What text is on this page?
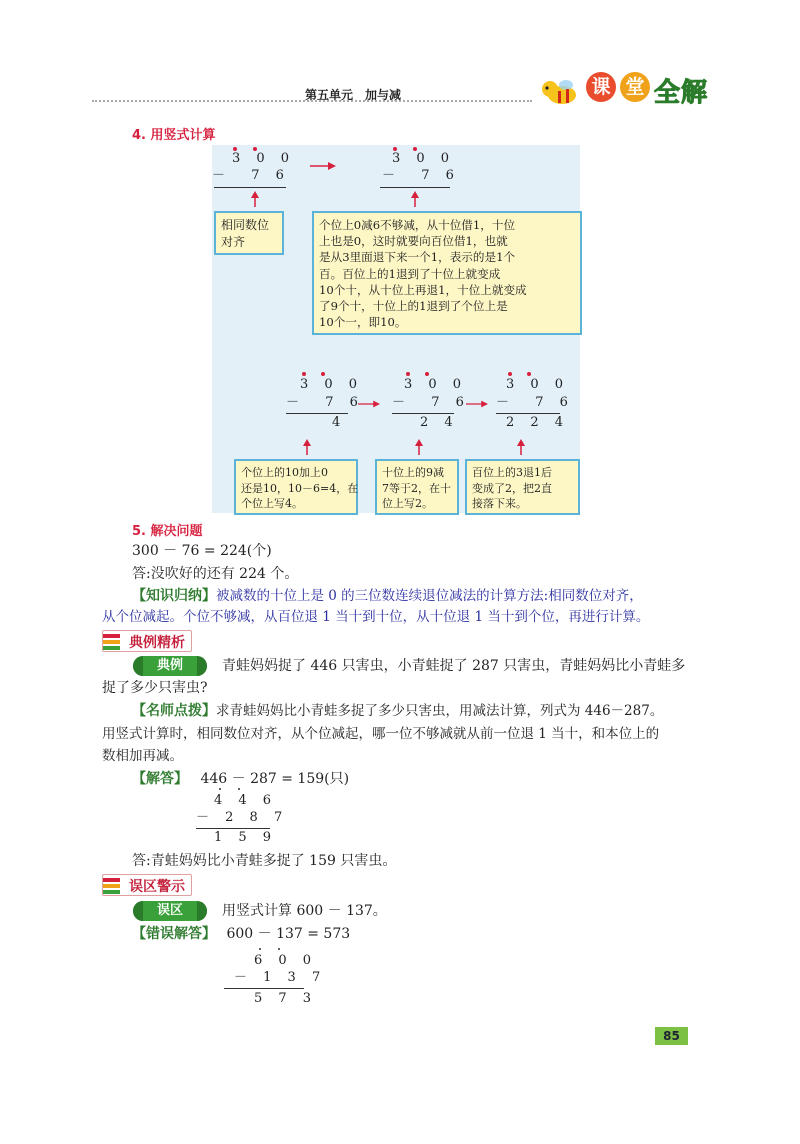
第五单元　加与减	课 堂 全解
4. 用竖式计算
3 0 0
－  7 6
3 0 0
－  7 6
相同数位
对齐
个位上0减6不够减，从十位借1，十位
上也是0，这时就要向百位借1，也就
是从3里面退下来一个1，表示的是1个
百。百位上的1退到了十位上就变成
10个十，从十位上再退1，十位上就变成
了9个十，十位上的1退到了个位上是
10个一，即10。
3 0 0
－  7 6
4
3 0 0
－  7 6
2 4
3 0 0
－  7 6
2 2 4
个位上的10加上0
还是10，10－6=4，在
个位上写4。
十位上的9减
7等于2，在十
位上写2。
百位上的3退1后
变成了2，把2直
接落下来。
5. 解决问题
300 － 76 = 224(个)
答:没吹好的还有 224 个。
【知识归纳】被减数的十位上是 0 的三位数连续退位减法的计算方法:相同数位对齐，
从个位减起。个位不够减，从百位退 1 当十到十位，从十位退 1 当十到个位，再进行计算。
典例精析
典例	青蛙妈妈捉了 446 只害虫，小青蛙捉了 287 只害虫，青蛙妈妈比小青蛙多
捉了多少只害虫?
【名师点拨】求青蛙妈妈比小青蛙多捉了多少只害虫，用减法计算，列式为 446－287。
用竖式计算时，相同数位对齐，从个位减起，哪一位不够减就从前一位退 1 当十，和本位上的
数相加再减。
【解答】 446 － 287 = 159(只)
4 4 6
－ 2 8 7
1 5 9
答:青蛙妈妈比小青蛙多捉了 159 只害虫。
误区警示
误区	用竖式计算 600 － 137。
【错误解答】 600 － 137 = 573
6 0 0
－ 1 3 7
5 7 3
85
